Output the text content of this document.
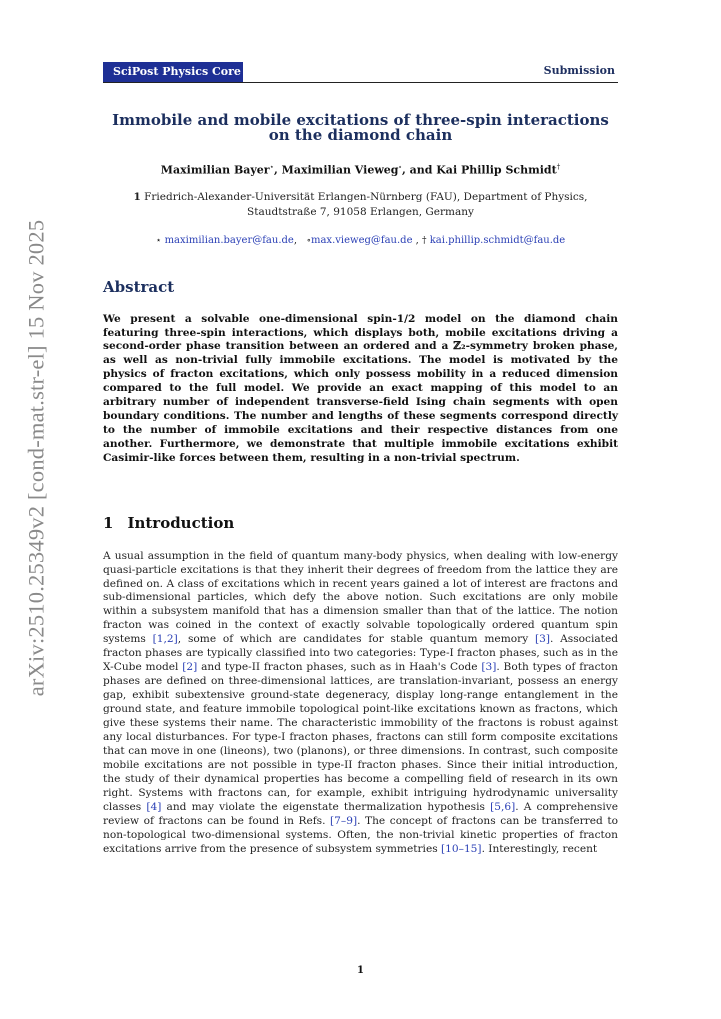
arXiv:2510.25349v2 [cond-mat.str-el] 15 Nov 2025
SciPost Physics Core	Submission
Immobile and mobile excitations of three-spin interactions on the diamond chain
Maximilian Bayer⋆, Maximilian Vieweg∘, and Kai Phillip Schmidt†
1 Friedrich-Alexander-Universität Erlangen-Nürnberg (FAU), Department of Physics, Staudtstraße 7, 91058 Erlangen, Germany
⋆ maximilian.bayer@fau.de,   ∘max.vieweg@fau.de , † kai.phillip.schmidt@fau.de
Abstract
We present a solvable one-dimensional spin-1/2 model on the diamond chain featuring three-spin interactions, which displays both, mobile excitations driving a second-order phase transition between an ordered and a ℤ₂-symmetry broken phase, as well as non-trivial fully immobile excitations. The model is motivated by the physics of fracton excitations, which only possess mobility in a reduced dimension compared to the full model. We provide an exact mapping of this model to an arbitrary number of independent transverse-field Ising chain segments with open boundary conditions. The number and lengths of these segments correspond directly to the number of immobile excitations and their respective distances from one another. Furthermore, we demonstrate that multiple immobile excitations exhibit Casimir-like forces between them, resulting in a non-trivial spectrum.
1 Introduction
A usual assumption in the field of quantum many-body physics, when dealing with low-energy quasi-particle excitations is that they inherit their degrees of freedom from the lattice they are defined on. A class of excitations which in recent years gained a lot of interest are fractons and sub-dimensional particles, which defy the above notion. Such excitations are only mobile within a subsystem manifold that has a dimension smaller than that of the lattice. The notion fracton was coined in the context of exactly solvable topologically ordered quantum spin systems [1,2], some of which are candidates for stable quantum memory [3]. Associated fracton phases are typically classified into two categories: Type-I fracton phases, such as in the X-Cube model [2] and type-II fracton phases, such as in Haah's Code [3]. Both types of fracton phases are defined on three-dimensional lattices, are translation-invariant, possess an energy gap, exhibit subextensive ground-state degeneracy, display long-range entanglement in the ground state, and feature immobile topological point-like excitations known as fractons, which give these systems their name. The characteristic immobility of the fractons is robust against any local disturbances. For type-I fracton phases, fractons can still form composite excitations that can move in one (lineons), two (planons), or three dimensions. In contrast, such composite mobile excitations are not possible in type-II fracton phases. Since their initial introduction, the study of their dynamical properties has become a compelling field of research in its own right. Systems with fractons can, for example, exhibit intriguing hydrodynamic universality classes [4] and may violate the eigenstate thermalization hypothesis [5,6]. A comprehensive review of fractons can be found in Refs. [7–9]. The concept of fractons can be transferred to non-topological two-dimensional systems. Often, the non-trivial kinetic properties of fracton excitations arrive from the presence of subsystem symmetries [10–15]. Interestingly, recent
1
